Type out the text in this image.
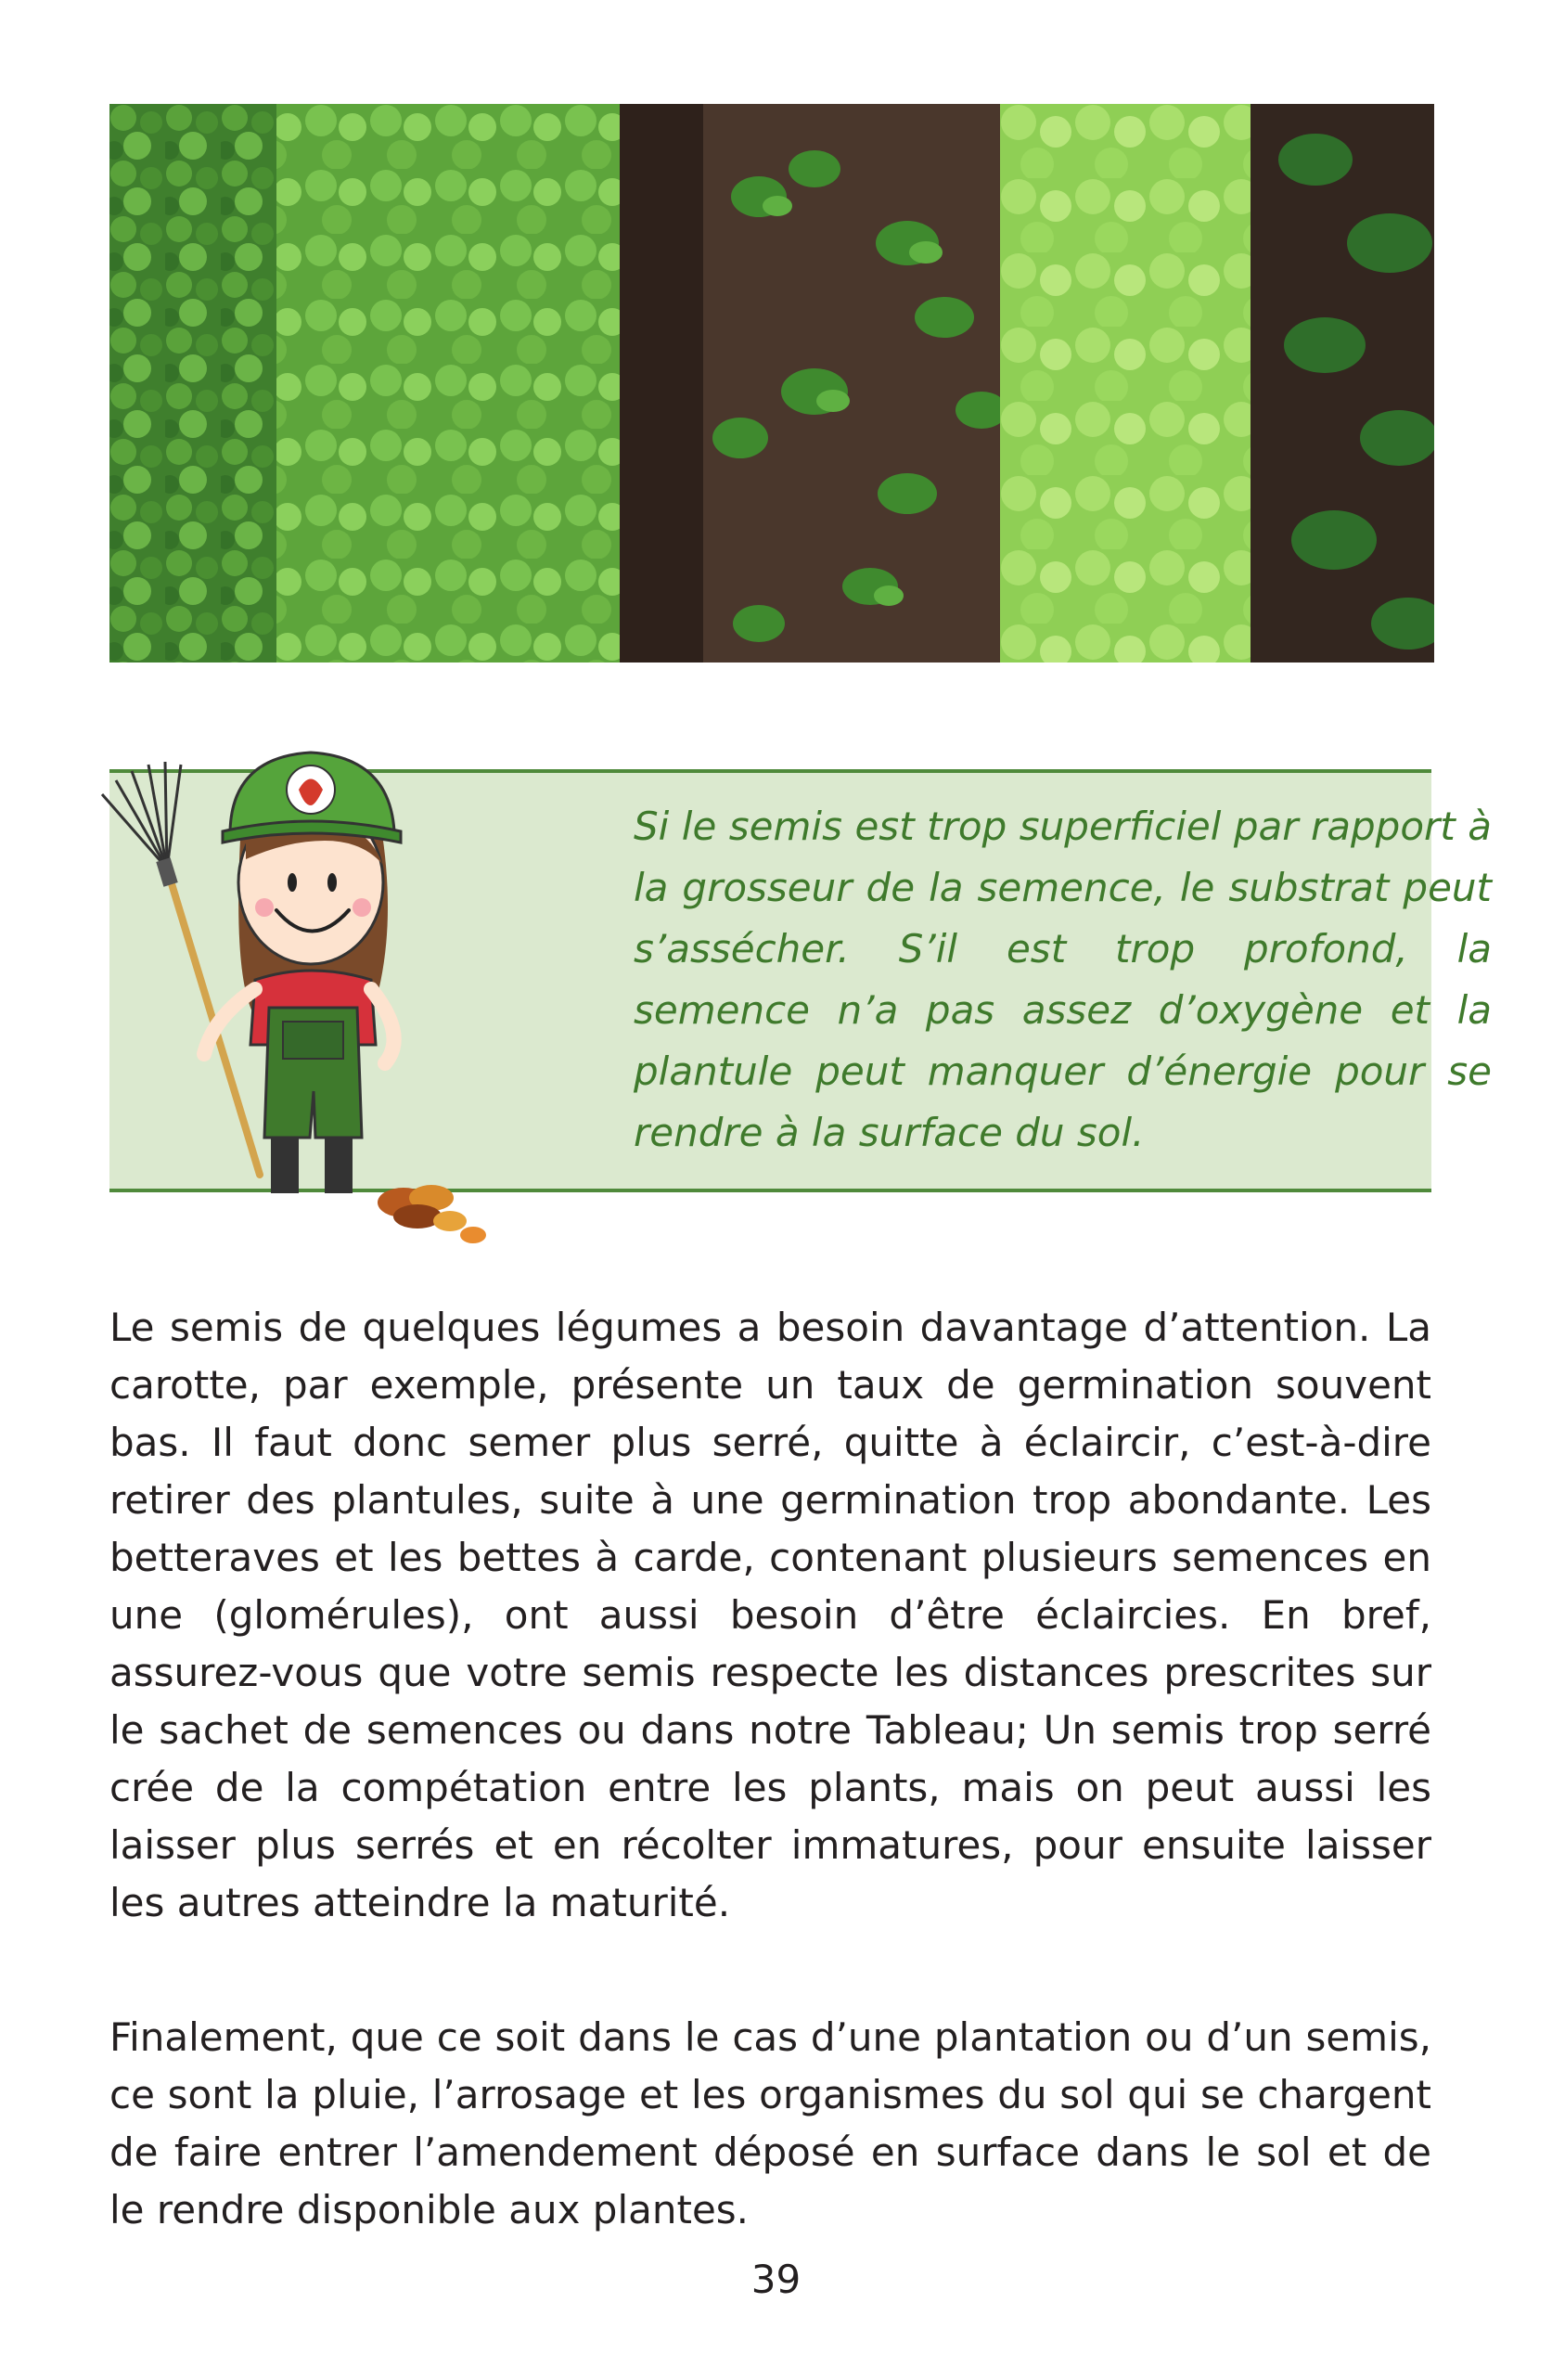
Si le semis est trop superficiel par rapport à la grosseur de la semence, le substrat peut s’assécher. S’il est trop profond, la semence n’a pas assez d’oxygène et la plantule peut manquer d’énergie pour se rendre à la surface du sol.

Le semis de quelques légumes a besoin davantage d’attention. La carotte, par exemple, présente un taux de germination souvent bas. Il faut donc semer plus serré, quitte à éclaircir, c’est-à-dire retirer des plantules, suite à une germination trop abondante. Les betteraves et les bettes à carde, contenant plusieurs semences en une (glomérules), ont aussi besoin d’être éclaircies. En bref, assurez-vous que votre semis respecte les distances prescrites sur le sachet de semences ou dans notre Tableau; Un semis trop serré crée de la compétation entre les plants, mais on peut aussi les laisser plus serrés et en récolter immatures, pour ensuite laisser les autres atteindre la maturité.

Finalement, que ce soit dans le cas d’une plantation ou d’un semis, ce sont la pluie, l’arrosage et les organismes du sol qui se chargent de faire entrer l’amendement déposé en surface dans le sol et de le rendre disponible aux plantes.

39
